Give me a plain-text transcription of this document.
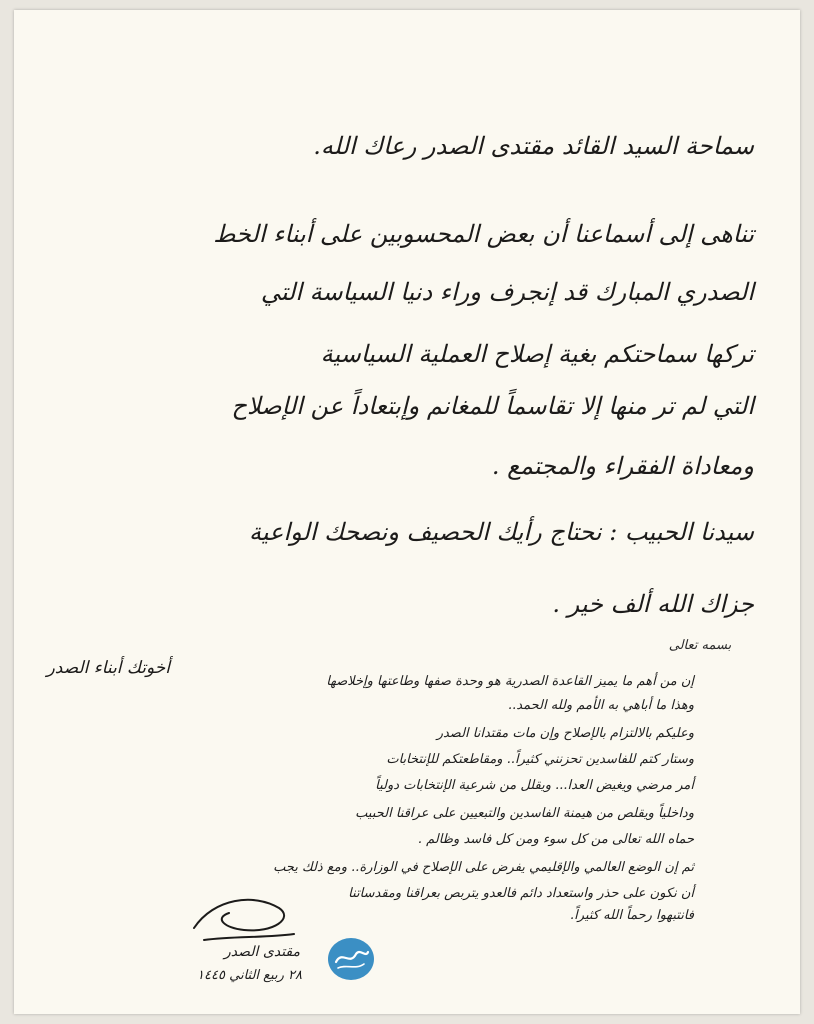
سماحة السيد القائد مقتدى الصدر رعاك الله.
تناهى إلى أسماعنا أن بعض المحسوبين على أبناء الخط
الصدري المبارك قد إنجرف وراء دنيا السياسة التي
تركها سماحتكم بغية إصلاح العملية السياسية
التي لم تر منها إلا تقاسماً للمغانم وإبتعاداً عن الإصلاح
ومعاداة الفقراء والمجتمع .
سيدنا الحبيب : نحتاج رأيك الحصيف ونصحك الواعية
جزاك الله ألف خير .
أخوتك أبناء الصدر
بسمه تعالى
إن من أهم ما يميز القاعدة الصدرية هو وحدة صفها وطاعتها وإخلاصها
وهذا ما أباهي به الأمم ولله الحمد..
وعليكم بالالتزام بالإصلاح وإن مات مقتدانا الصدر
وستار كتم للفاسدين تحزنني كثيراً.. ومقاطعتكم للإنتخابات
أمر مرضي ويغيض العدا... ويقلل من شرعية الإنتخابات دولياً
وداخلياً ويقلص من هيمنة الفاسدين والتبعيين على عراقنا الحبيب
حماه الله تعالى من كل سوء ومن كل فاسد وظالم .
ثم إن الوضع العالمي والإقليمي يفرض على الإصلاح في الوزارة.. ومع ذلك يجب
أن نكون على حذر واستعداد دائم فالعدو يتربص بعراقنا ومقدساتنا
فانتبهوا رحماً الله كثيراً.
مقتدى الصدر
٢٨ ربيع الثاني ١٤٤٥
